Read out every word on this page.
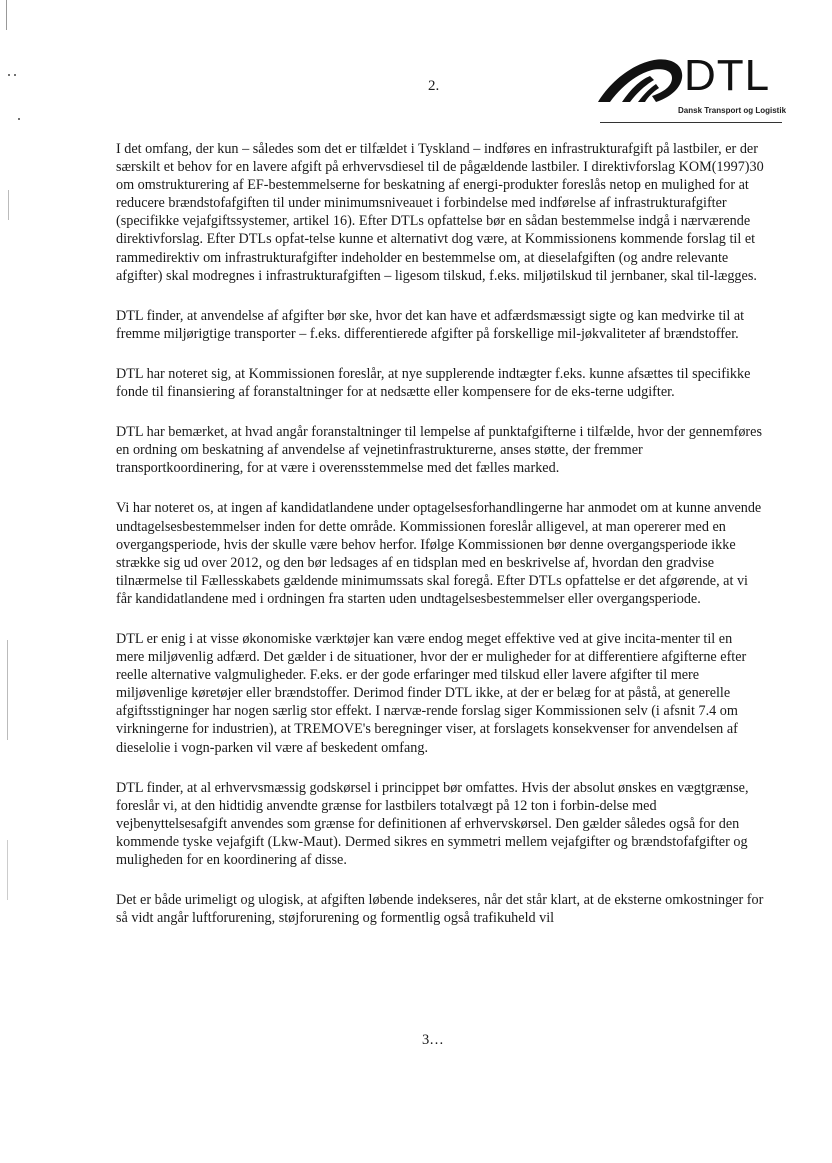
2.	DTL
Dansk Transport og Logistik

I det omfang, der kun – således som det er tilfældet i Tyskland – indføres en infrastrukturafgift på lastbiler, er der særskilt et behov for en lavere afgift på erhvervsdiesel til de pågældende lastbiler. I direktivforslag KOM(1997)30 om omstrukturering af EF-bestemmelserne for beskatning af energi-produkter foreslås netop en mulighed for at reducere brændstofafgiften til under minimumsniveauet i forbindelse med indførelse af infrastrukturafgifter (specifikke vejafgiftssystemer, artikel 16). Efter DTLs opfattelse bør en sådan bestemmelse indgå i nærværende direktivforslag. Efter DTLs opfat-telse kunne et alternativt dog være, at Kommissionens kommende forslag til et rammedirektiv om infrastrukturafgifter indeholder en bestemmelse om, at dieselafgiften (og andre relevante afgifter) skal modregnes i infrastrukturafgiften – ligesom tilskud, f.eks. miljøtilskud til jernbaner, skal til-lægges.

DTL finder, at anvendelse af afgifter bør ske, hvor det kan have et adfærdsmæssigt sigte og kan medvirke til at fremme miljørigtige transporter – f.eks. differentierede afgifter på forskellige mil-jøkvaliteter af brændstoffer.

DTL har noteret sig, at Kommissionen foreslår, at nye supplerende indtægter f.eks. kunne afsættes til specifikke fonde til finansiering af foranstaltninger for at nedsætte eller kompensere for de eks-terne udgifter.

DTL har bemærket, at hvad angår foranstaltninger til lempelse af punktafgifterne i tilfælde, hvor der gennemføres en ordning om beskatning af anvendelse af vejnetinfrastrukturerne, anses støtte, der fremmer transportkoordinering, for at være i overensstemmelse med det fælles marked.

Vi har noteret os, at ingen af kandidatlandene under optagelsesforhandlingerne har anmodet om at kunne anvende undtagelsesbestemmelser inden for dette område. Kommissionen foreslår alligevel, at man opererer med en overgangsperiode, hvis der skulle være behov herfor. Ifølge Kommissionen bør denne overgangsperiode ikke strække sig ud over 2012, og den bør ledsages af en tidsplan med en beskrivelse af, hvordan den gradvise tilnærmelse til Fællesskabets gældende minimumssats skal foregå. Efter DTLs opfattelse er det afgørende, at vi får kandidatlandene med i ordningen fra starten uden undtagelsesbestemmelser eller overgangsperiode.

DTL er enig i at visse økonomiske værktøjer kan være endog meget effektive ved at give incita-menter til en mere miljøvenlig adfærd. Det gælder i de situationer, hvor der er muligheder for at differentiere afgifterne efter reelle alternative valgmuligheder. F.eks. er der gode erfaringer med tilskud eller lavere afgifter til mere miljøvenlige køretøjer eller brændstoffer. Derimod finder DTL ikke, at der er belæg for at påstå, at generelle afgiftsstigninger har nogen særlig stor effekt. I nærvæ-rende forslag siger Kommissionen selv (i afsnit 7.4 om virkningerne for industrien), at TREMOVE's beregninger viser, at forslagets konsekvenser for anvendelsen af dieselolie i vogn-parken vil være af beskedent omfang.

DTL finder, at al erhvervsmæssig godskørsel i princippet bør omfattes. Hvis der absolut ønskes en vægtgrænse, foreslår vi, at den hidtidig anvendte grænse for lastbilers totalvægt på 12 ton i forbin-delse med vejbenyttelsesafgift anvendes som grænse for definitionen af erhvervskørsel. Den gælder således også for den kommende tyske vejafgift (Lkw-Maut). Dermed sikres en symmetri mellem vejafgifter og brændstofafgifter og muligheden for en koordinering af disse.

Det er både urimeligt og ulogisk, at afgiften løbende indekseres, når det står klart, at de eksterne omkostninger for så vidt angår luftforurening, støjforurening og formentlig også trafikuheld vil

3…
